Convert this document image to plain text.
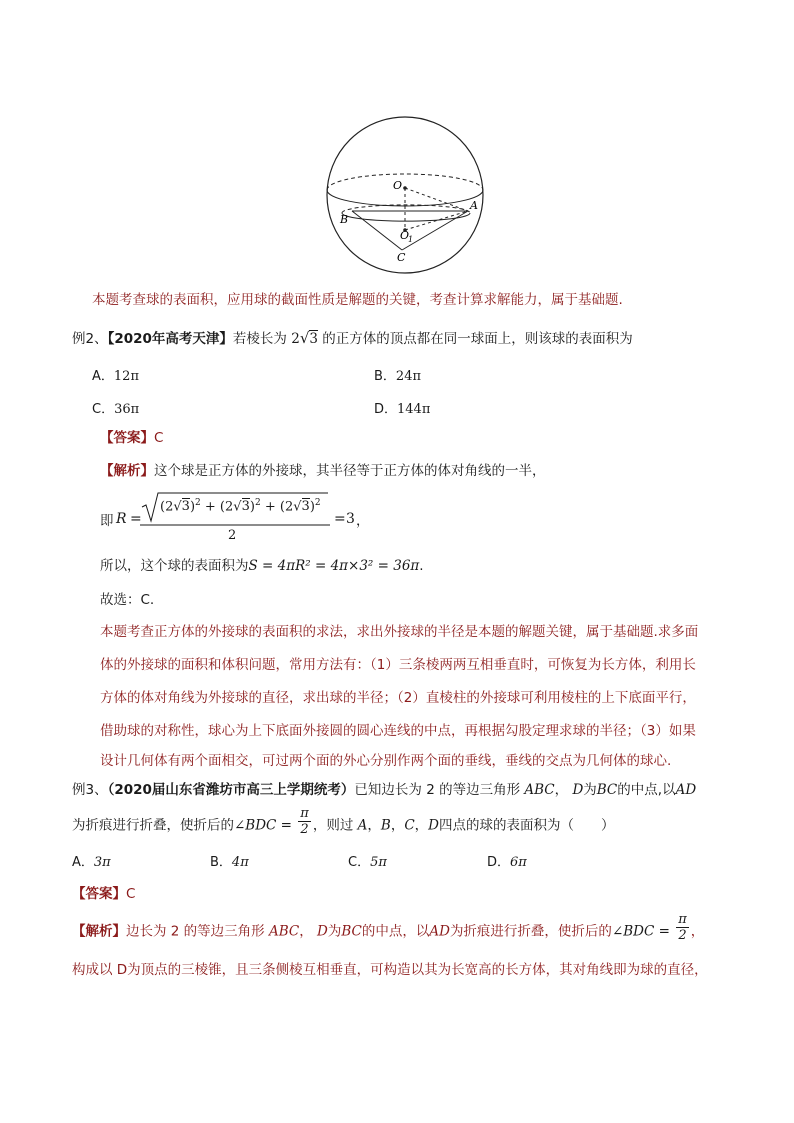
O
O
1
A
B
C
本题考查球的表面积，应用球的截面性质是解题的关键，考查计算求解能力，属于基础题.
例2、【2020年高考天津】若棱长为 2√3 的正方体的顶点都在同一球面上，则该球的表面积为
A．12π	B．24π
C．36π	D．144π
【答案】C
【解析】这个球是正方体的外接球，其半径等于正方体的体对角线的一半，
即 R =
$(2√3)^2 + (2√3)^2 + (2√3)^2$
2
= 3 ，
所以，这个球的表面积为S = 4πR² = 4π×3² = 36π.
故选：C.
本题考查正方体的外接球的表面积的求法，求出外接球的半径是本题的解题关键，属于基础题.求多面
体的外接球的面积和体积问题，常用方法有：（1）三条棱两两互相垂直时，可恢复为长方体，利用长
方体的体对角线为外接球的直径，求出球的半径；（2）直棱柱的外接球可利用棱柱的上下底面平行，
借助球的对称性，球心为上下底面外接圆的圆心连线的中点，再根据勾股定理求球的半径；（3）如果
设计几何体有两个面相交，可过两个面的外心分别作两个面的垂线，垂线的交点为几何体的球心.
例3、（2020届山东省潍坊市高三上学期统考）已知边长为 2 的等边三角形 ABC， D为BC的中点,以AD
为折痕进行折叠，使折后的∠BDC = $\frac{\pi}{2}$ ，则过 A，B，C，D四点的球的表面积为（　　）
A．3π	B．4π	C．5π	D．6π
【答案】C
【解析】边长为 2 的等边三角形 ABC， D为BC的中点，以AD为折痕进行折叠，使折后的∠BDC = $\frac{\pi}{2}$ ，
构成以 D为顶点的三棱锥，且三条侧棱互相垂直，可构造以其为长宽高的长方体，其对角线即为球的直径，
